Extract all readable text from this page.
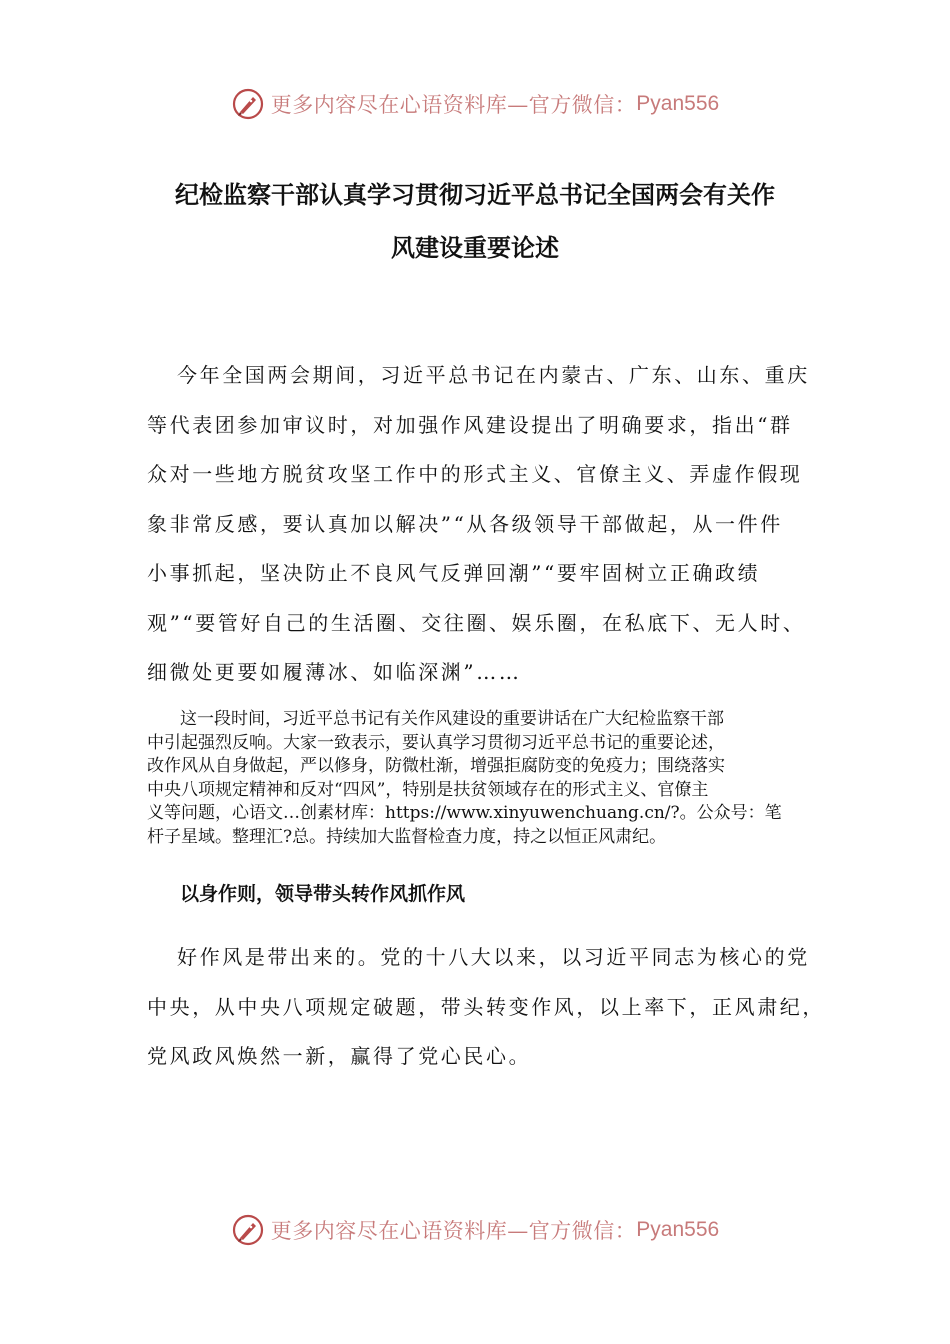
更多内容尽在心语资料库—官方微信： Pyan556
纪检监察干部认真学习贯彻习近平总书记全国两会有关作
风建设重要论述
今年全国两会期间，习近平总书记在内蒙古、广东、山东、重庆
等代表团参加审议时，对加强作风建设提出了明确要求，指出“群
众对一些地方脱贫攻坚工作中的形式主义、官僚主义、弄虚作假现
象非常反感，要认真加以解决”“从各级领导干部做起，从一件件
小事抓起，坚决防止不良风气反弹回潮”“要牢固树立正确政绩
观”“要管好自己的生活圈、交往圈、娱乐圈，在私底下、无人时、
细微处更要如履薄冰、如临深渊”……
这一段时间，习近平总书记有关作风建设的重要讲话在广大纪检监察干部
中引起强烈反响。大家一致表示，要认真学习贯彻习近平总书记的重要论述，
改作风从自身做起，严以修身，防微杜渐，增强拒腐防变的免疫力；围绕落实
中央八项规定精神和反对“四风”，特别是扶贫领域存在的形式主义、官僚主
义等问题，心语文…创素材库：https://www.xinyuwenchuang.cn/?。公众号：笔
杆子星域。整理汇?总。持续加大监督检查力度，持之以恒正风肃纪。
以身作则，领导带头转作风抓作风
好作风是带出来的。党的十八大以来，以习近平同志为核心的党
中央，从中央八项规定破题，带头转变作风，以上率下，正风肃纪，
党风政风焕然一新，赢得了党心民心。
更多内容尽在心语资料库—官方微信： Pyan556
